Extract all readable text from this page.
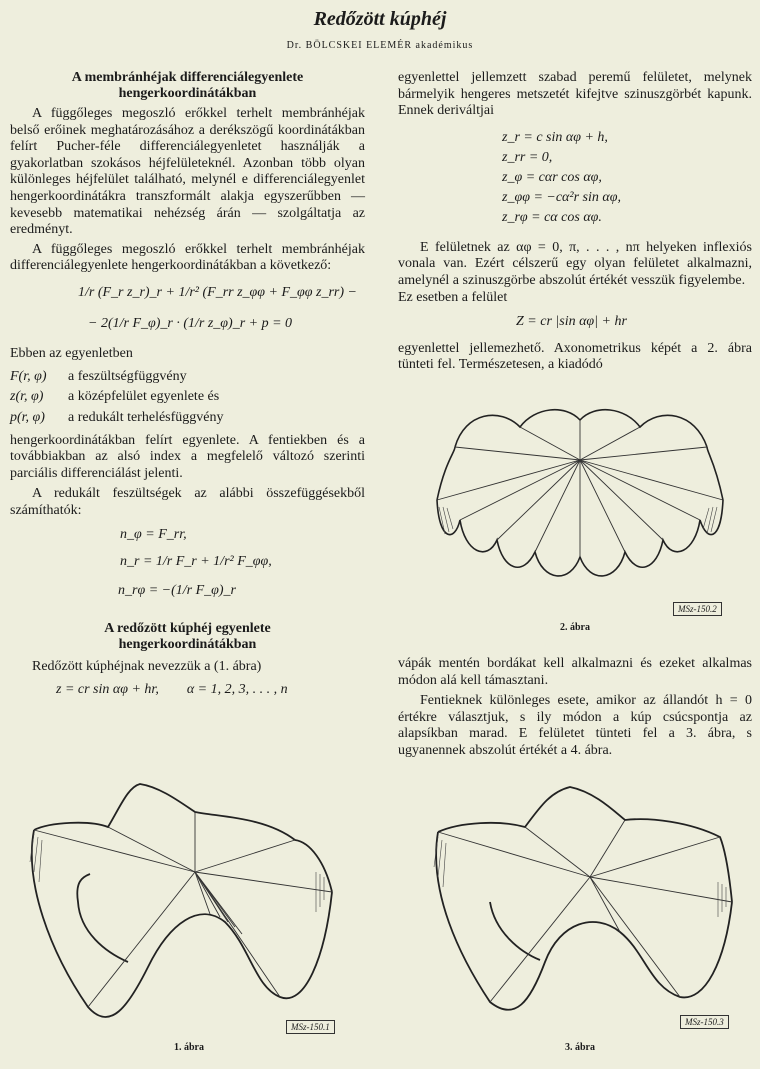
Redőzött kúphéj
Dr. BÖLCSKEI ELEMÉR akadémikus
A membránhéjak differenciálegyenlete
hengerkoordinátákban

A függőleges megoszló erőkkel terhelt membránhéjak belső erőinek meghatározásához a derékszögű koordinátákban felírt Pucher-féle differenciálegyenletet használják a gyakorlatban szokásos héjfelületeknél. Azonban több olyan különleges héjfelület található, melynél e differenciálegyenlet hengerkoordinátákra transzformált alakja egyszerűbben — kevesebb matematikai nehézség árán — szolgáltatja az eredményt.

A függőleges megoszló erőkkel terhelt membránhéjak differenciálegyenlete hengerkoordinátákban a következő:

1/r (F_r z_r)_r + 1/r² (F_rr z_φφ + F_φφ z_rr) −
− 2(1/r F_φ)_r · (1/r z_φ)_r + p = 0

Ebben az egyenletben

F(r, φ)	a feszültségfüggvény
z(r, φ)	a középfelület egyenlete és
p(r, φ)	a redukált terhelésfüggvény

hengerkoordinátákban felírt egyenlete. A fentiekben és a továbbiakban az alsó index a megfelelő változó szerinti parciális differenciálást jelenti.

A redukált feszültségek az alábbi összefüggésekből számíthatók:

n_φ = F_rr,
n_r = 1/r F_r + 1/r² F_φφ,
n_rφ = −(1/r F_φ)_r
A redőzött kúphéj egyenlete
hengerkoordinátákban

Redőzött kúphéjnak nevezzük a (1. ábra)

z = cr sin αφ + hr,        α = 1, 2, 3, . . . , n

egyenlettel jellemzett szabad peremű felületet, melynek bármelyik hengeres metszetét kifejtve szinuszgörbét kapunk. Ennek deriváltjai

z_r = c sin αφ + h,
z_rr = 0,
z_φ = cαr cos αφ,
z_φφ = −cα²r sin αφ,
z_rφ = cα cos αφ.

E felületnek az αφ = 0, π, . . . , nπ helyeken inflexiós vonala van. Ezért célszerű egy olyan felületet alkalmazni, amelynél a szinuszgörbe abszolút értékét vesszük figyelembe.

Ez esetben a felület

Z = cr |sin αφ| + hr

egyenlettel jellemezhető. Axonometrikus képét a 2. ábra tünteti fel. Természetesen, a kiadódó

MSz-150.2
2. ábra

vápák mentén bordákat kell alkalmazni és ezeket alkalmas módon alá kell támasztani.

Fentieknek különleges esete, amikor az állandót h = 0 értékre választjuk, s ily módon a kúp csúcspontja az alapsíkban marad. E felületet tünteti fel a 3. ábra, s ugyanennek abszolút értékét a 4. ábra.

MSz-150.1
1. ábra
MSz-150.3
3. ábra
